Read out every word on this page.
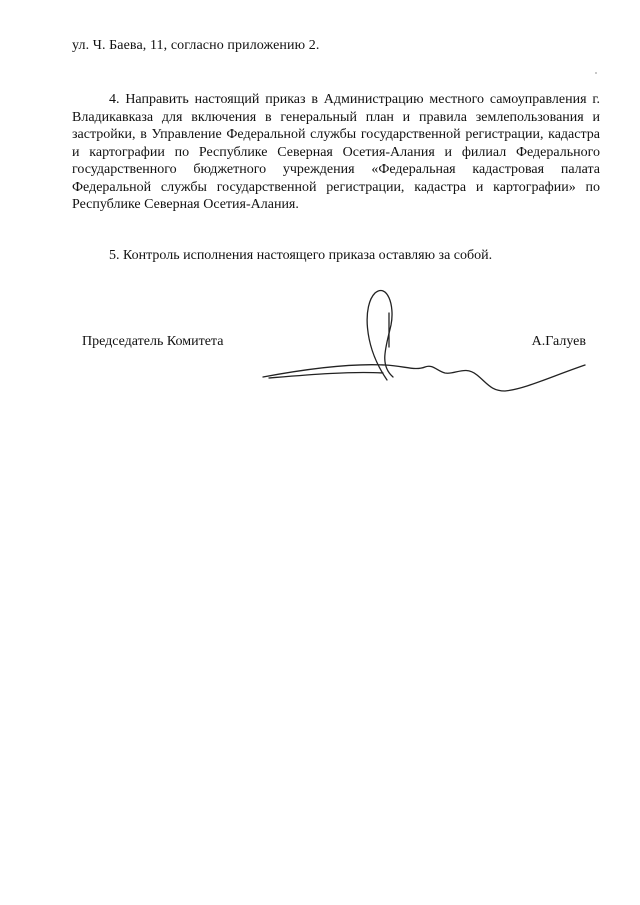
ул. Ч. Баева, 11, согласно приложению 2.

4. Направить настоящий приказ в Администрацию местного самоуправления г. Владикавказа для включения в генеральный план и правила землепользования и застройки, в Управление Федеральной службы государственной регистрации, кадастра и картографии по Республике Северная Осетия-Алания и филиал Федерального государственного бюджетного учреждения «Федеральная кадастровая палата Федеральной службы государственной регистрации, кадастра и картографии» по Республике Северная Осетия-Алания.

5. Контроль исполнения настоящего приказа оставляю за собой.

Председатель Комитета	А.Галуев
